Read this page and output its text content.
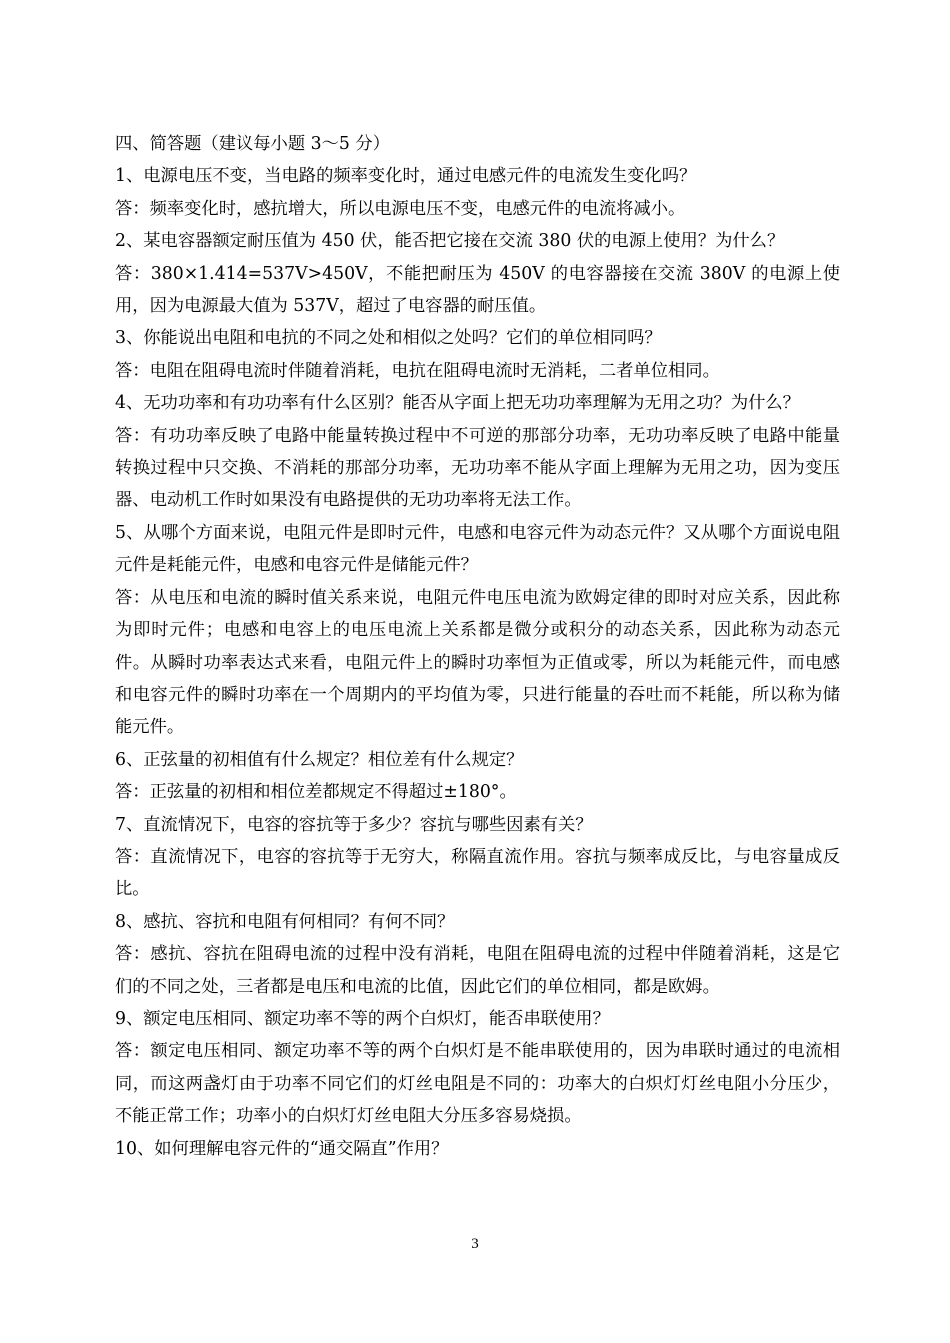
四、简答题（建议每小题 3～5 分）

1、电源电压不变，当电路的频率变化时，通过电感元件的电流发生变化吗？

答：频率变化时，感抗增大，所以电源电压不变，电感元件的电流将减小。

2、某电容器额定耐压值为 450 伏，能否把它接在交流 380 伏的电源上使用？为什么？

答：380×1.414=537V>450V，不能把耐压为 450V 的电容器接在交流 380V 的电源上使用，因为电源最大值为 537V，超过了电容器的耐压值。

3、你能说出电阻和电抗的不同之处和相似之处吗？它们的单位相同吗？

答：电阻在阻碍电流时伴随着消耗，电抗在阻碍电流时无消耗，二者单位相同。

4、无功功率和有功功率有什么区别？能否从字面上把无功功率理解为无用之功？为什么？

答：有功功率反映了电路中能量转换过程中不可逆的那部分功率，无功功率反映了电路中能量转换过程中只交换、不消耗的那部分功率，无功功率不能从字面上理解为无用之功，因为变压器、电动机工作时如果没有电路提供的无功功率将无法工作。

5、从哪个方面来说，电阻元件是即时元件，电感和电容元件为动态元件？又从哪个方面说电阻元件是耗能元件，电感和电容元件是储能元件？

答：从电压和电流的瞬时值关系来说，电阻元件电压电流为欧姆定律的即时对应关系，因此称为即时元件；电感和电容上的电压电流上关系都是微分或积分的动态关系，因此称为动态元件。从瞬时功率表达式来看，电阻元件上的瞬时功率恒为正值或零，所以为耗能元件，而电感和电容元件的瞬时功率在一个周期内的平均值为零，只进行能量的吞吐而不耗能，所以称为储能元件。

6、正弦量的初相值有什么规定？相位差有什么规定？

答：正弦量的初相和相位差都规定不得超过±180°。

7、直流情况下，电容的容抗等于多少？容抗与哪些因素有关？

答：直流情况下，电容的容抗等于无穷大，称隔直流作用。容抗与频率成反比，与电容量成反比。

8、感抗、容抗和电阻有何相同？有何不同？

答：感抗、容抗在阻碍电流的过程中没有消耗，电阻在阻碍电流的过程中伴随着消耗，这是它们的不同之处，三者都是电压和电流的比值，因此它们的单位相同，都是欧姆。

9、额定电压相同、额定功率不等的两个白炽灯，能否串联使用？

答：额定电压相同、额定功率不等的两个白炽灯是不能串联使用的，因为串联时通过的电流相同，而这两盏灯由于功率不同它们的灯丝电阻是不同的：功率大的白炽灯灯丝电阻小分压少，不能正常工作；功率小的白炽灯灯丝电阻大分压多容易烧损。

10、如何理解电容元件的“通交隔直”作用？

3
